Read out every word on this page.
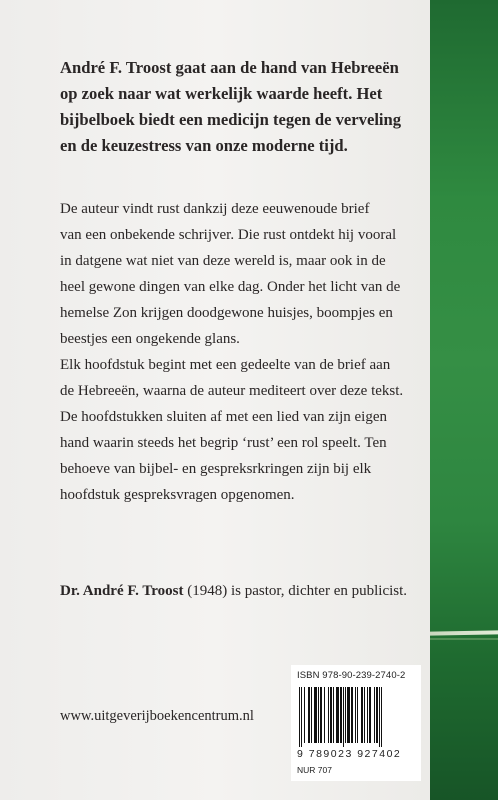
André F. Troost gaat aan de hand van Hebreeën

op zoek naar wat werkelijk waarde heeft. Het

bijbelboek biedt een medicijn tegen de verveling

en de keuzestress van onze moderne tijd.

De auteur vindt rust dankzij deze eeuwenoude brief

van een onbekende schrijver. Die rust ontdekt hij vooral

in datgene wat niet van deze wereld is, maar ook in de

heel gewone dingen van elke dag. Onder het licht van de

hemelse Zon krijgen doodgewone huisjes, boompjes en

beestjes een ongekende glans.

Elk hoofdstuk begint met een gedeelte van de brief aan

de Hebreeën, waarna de auteur mediteert over deze tekst.

De hoofdstukken sluiten af met een lied van zijn eigen

hand waarin steeds het begrip ‘rust’ een rol speelt. Ten

behoeve van bijbel- en gespreksrkringen zijn bij elk

hoofdstuk gespreksvragen opgenomen.

Dr. André F. Troost (1948) is pastor, dichter en publicist.

www.uitgeverijboekencentrum.nl
ISBN 978-90-239-2740-2
9 789023 927402
NUR 707
